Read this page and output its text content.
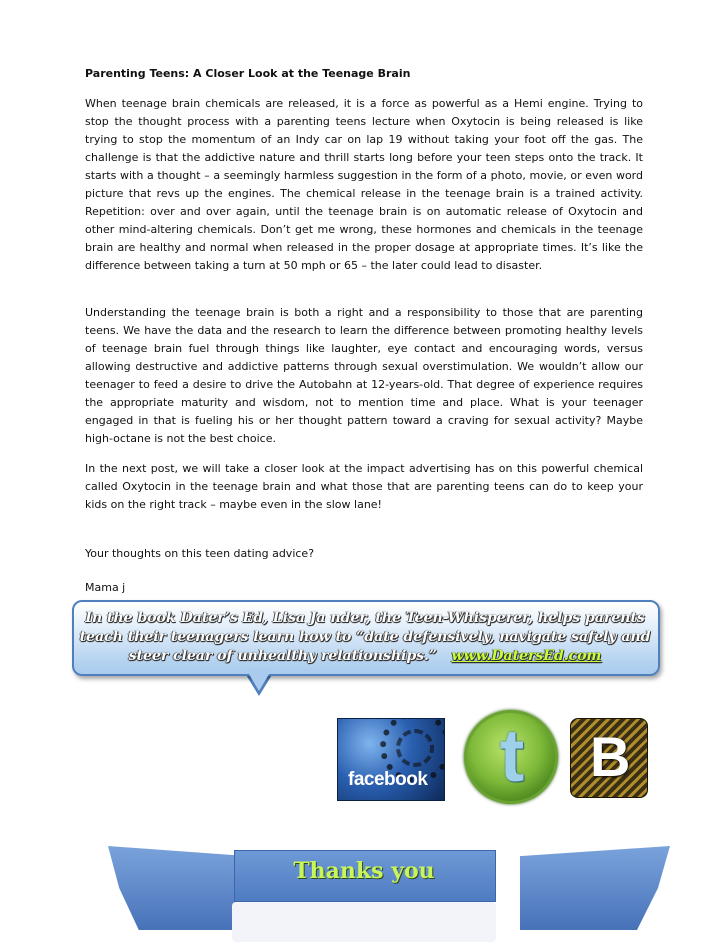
Parenting Teens: A Closer Look at the Teenage Brain

When teenage brain chemicals are released, it is a force as powerful as a Hemi engine. Trying to stop the thought process with a parenting teens lecture when Oxytocin is being released is like trying to stop the momentum of an Indy car on lap 19 without taking your foot off the gas. The challenge is that the addictive nature and thrill starts long before your teen steps onto the track. It starts with a thought – a seemingly harmless suggestion in the form of a photo, movie, or even word picture that revs up the engines. The chemical release in the teenage brain is a trained activity. Repetition: over and over again, until the teenage brain is on automatic release of Oxytocin and other mind-altering chemicals. Don’t get me wrong, these hormones and chemicals in the teenage brain are healthy and normal when released in the proper dosage at appropriate times. It’s like the difference between taking a turn at 50 mph or 65 – the later could lead to disaster.

Understanding the teenage brain is both a right and a responsibility to those that are parenting teens. We have the data and the research to learn the difference between promoting healthy levels of teenage brain fuel through things like laughter, eye contact and encouraging words, versus allowing destructive and addictive patterns through sexual overstimulation. We wouldn’t allow our teenager to feed a desire to drive the Autobahn at 12-years-old. That degree of experience requires the appropriate maturity and wisdom, not to mention time and place. What is your teenager engaged in that is fueling his or her thought pattern toward a craving for sexual activity? Maybe high-octane is not the best choice.

In the next post, we will take a closer look at the impact advertising has on this powerful chemical called Oxytocin in the teenage brain and what those that are parenting teens can do to keep your kids on the right track – maybe even in the slow lane!

Your thoughts on this teen dating advice?
Mama j
In the book Dater’s Ed, Lisa Ja nder, the Teen-Whisperer, helps parents teach their teenagers learn how to “date defensively, navigate safely and steer clear of unhealthy relationships.” www.DatersEd.com
facebook t B
Thanks you
